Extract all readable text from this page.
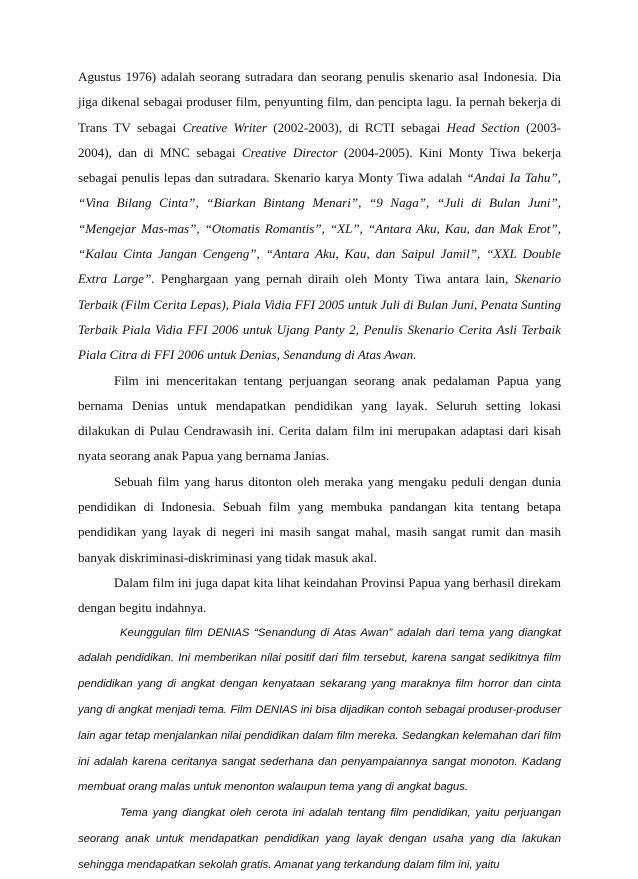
Agustus 1976) adalah seorang sutradara dan seorang penulis skenario asal Indonesia. Dia jiga dikenal sebagai produser film, penyunting film, dan pencipta lagu. Ia pernah bekerja di Trans TV sebagai Creative Writer (2002-2003), di RCTI sebagai Head Section (2003-2004), dan di MNC sebagai Creative Director (2004-2005). Kini Monty Tiwa bekerja sebagai penulis lepas dan sutradara. Skenario karya Monty Tiwa adalah “Andai Ia Tahu”, “Vina Bilang Cinta”, “Biarkan Bintang Menari”, “9 Naga”, “Juli di Bulan Juni”, “Mengejar Mas-mas”, “Otomatis Romantis”, “XL”, “Antara Aku, Kau, dan Mak Erot”, “Kalau Cinta Jangan Cengeng”, “Antara Aku, Kau, dan Saipul Jamil”, “XXL Double Extra Large”. Penghargaan yang pernah diraih oleh Monty Tiwa antara lain, Skenario Terbaik (Film Cerita Lepas), Piala Vidia FFI 2005 untuk Juli di Bulan Juni, Penata Sunting Terbaik Piala Vidia FFI 2006 untuk Ujang Panty 2, Penulis Skenario Cerita Asli Terbaik Piala Citra di FFI 2006 untuk Denias, Senandung di Atas Awan.

Film ini menceritakan tentang perjuangan seorang anak pedalaman Papua yang bernama Denias untuk mendapatkan pendidikan yang layak. Seluruh setting lokasi dilakukan di Pulau Cendrawasih ini. Cerita dalam film ini merupakan adaptasi dari kisah nyata seorang anak Papua yang bernama Janias.

Sebuah film yang harus ditonton oleh meraka yang mengaku peduli dengan dunia pendidikan di Indonesia. Sebuah film yang membuka pandangan kita tentang betapa pendidikan yang layak di negeri ini masih sangat mahal, masih sangat rumit dan masih banyak diskriminasi-diskriminasi yang tidak masuk akal.

Dalam film ini juga dapat kita lihat keindahan Provinsi Papua yang berhasil direkam dengan begitu indahnya.

Keunggulan film DENIAS “Senandung di Atas Awan” adalah dari tema yang diangkat adalah pendidikan. Ini memberikan nilai positif dari film tersebut, karena sangat sedikitnya film pendidikan yang di angkat dengan kenyataan sekarang yang maraknya film horror dan cinta yang di angkat menjadi tema. Film DENIAS ini bisa dijadikan contoh sebagai produser-produser lain agar tetap menjalankan nilai pendidikan dalam film mereka. Sedangkan kelemahan dari film ini adalah karena ceritanya sangat sederhana dan penyampaiannya sangat monoton. Kadang membuat orang malas untuk menonton walaupun tema yang di angkat bagus.

Tema yang diangkat oleh cerota ini adalah tentang film pendidikan, yaitu perjuangan seorang anak untuk mendapatkan pendidikan yang layak dengan usaha yang dia lakukan sehingga mendapatkan sekolah gratis. Amanat yang terkandung dalam film ini, yaitu
